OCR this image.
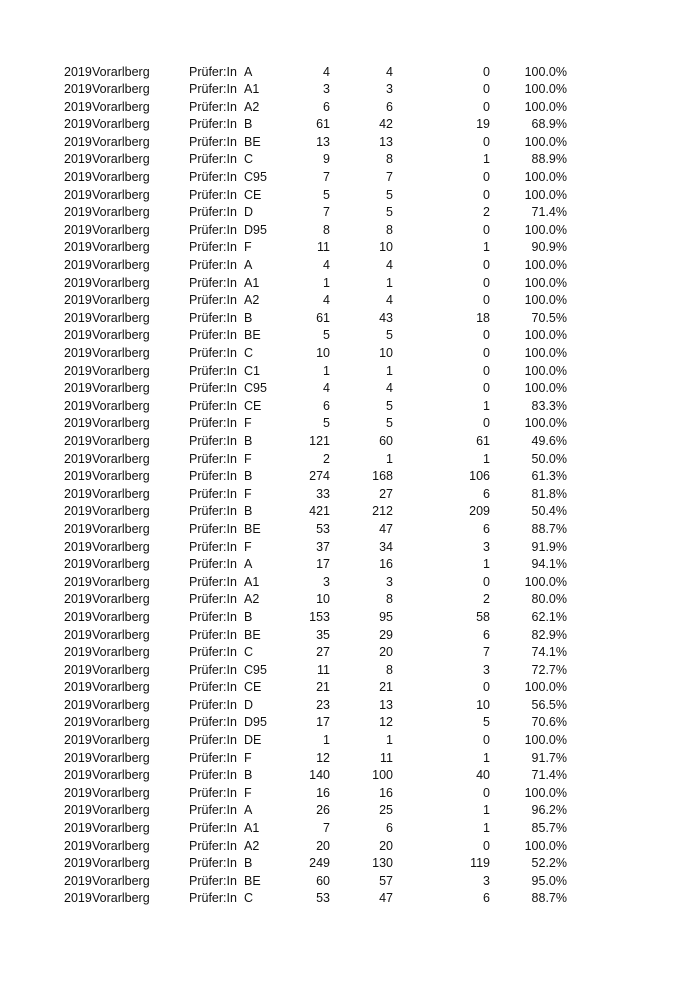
2019 Vorarlberg	Prüfer:In A	4	4	0	100.0%
2019 Vorarlberg	Prüfer:In A1	3	3	0	100.0%
2019 Vorarlberg	Prüfer:In A2	6	6	0	100.0%
2019 Vorarlberg	Prüfer:In B	61	42	19	68.9%
2019 Vorarlberg	Prüfer:In BE	13	13	0	100.0%
2019 Vorarlberg	Prüfer:In C	9	8	1	88.9%
2019 Vorarlberg	Prüfer:In C95	7	7	0	100.0%
2019 Vorarlberg	Prüfer:In CE	5	5	0	100.0%
2019 Vorarlberg	Prüfer:In D	7	5	2	71.4%
2019 Vorarlberg	Prüfer:In D95	8	8	0	100.0%
2019 Vorarlberg	Prüfer:In F	11	10	1	90.9%
2019 Vorarlberg	Prüfer:In A	4	4	0	100.0%
2019 Vorarlberg	Prüfer:In A1	1	1	0	100.0%
2019 Vorarlberg	Prüfer:In A2	4	4	0	100.0%
2019 Vorarlberg	Prüfer:In B	61	43	18	70.5%
2019 Vorarlberg	Prüfer:In BE	5	5	0	100.0%
2019 Vorarlberg	Prüfer:In C	10	10	0	100.0%
2019 Vorarlberg	Prüfer:In C1	1	1	0	100.0%
2019 Vorarlberg	Prüfer:In C95	4	4	0	100.0%
2019 Vorarlberg	Prüfer:In CE	6	5	1	83.3%
2019 Vorarlberg	Prüfer:In F	5	5	0	100.0%
2019 Vorarlberg	Prüfer:In B	121	60	61	49.6%
2019 Vorarlberg	Prüfer:In F	2	1	1	50.0%
2019 Vorarlberg	Prüfer:In B	274	168	106	61.3%
2019 Vorarlberg	Prüfer:In F	33	27	6	81.8%
2019 Vorarlberg	Prüfer:In B	421	212	209	50.4%
2019 Vorarlberg	Prüfer:In BE	53	47	6	88.7%
2019 Vorarlberg	Prüfer:In F	37	34	3	91.9%
2019 Vorarlberg	Prüfer:In A	17	16	1	94.1%
2019 Vorarlberg	Prüfer:In A1	3	3	0	100.0%
2019 Vorarlberg	Prüfer:In A2	10	8	2	80.0%
2019 Vorarlberg	Prüfer:In B	153	95	58	62.1%
2019 Vorarlberg	Prüfer:In BE	35	29	6	82.9%
2019 Vorarlberg	Prüfer:In C	27	20	7	74.1%
2019 Vorarlberg	Prüfer:In C95	11	8	3	72.7%
2019 Vorarlberg	Prüfer:In CE	21	21	0	100.0%
2019 Vorarlberg	Prüfer:In D	23	13	10	56.5%
2019 Vorarlberg	Prüfer:In D95	17	12	5	70.6%
2019 Vorarlberg	Prüfer:In DE	1	1	0	100.0%
2019 Vorarlberg	Prüfer:In F	12	11	1	91.7%
2019 Vorarlberg	Prüfer:In B	140	100	40	71.4%
2019 Vorarlberg	Prüfer:In F	16	16	0	100.0%
2019 Vorarlberg	Prüfer:In A	26	25	1	96.2%
2019 Vorarlberg	Prüfer:In A1	7	6	1	85.7%
2019 Vorarlberg	Prüfer:In A2	20	20	0	100.0%
2019 Vorarlberg	Prüfer:In B	249	130	119	52.2%
2019 Vorarlberg	Prüfer:In BE	60	57	3	95.0%
2019 Vorarlberg	Prüfer:In C	53	47	6	88.7%
